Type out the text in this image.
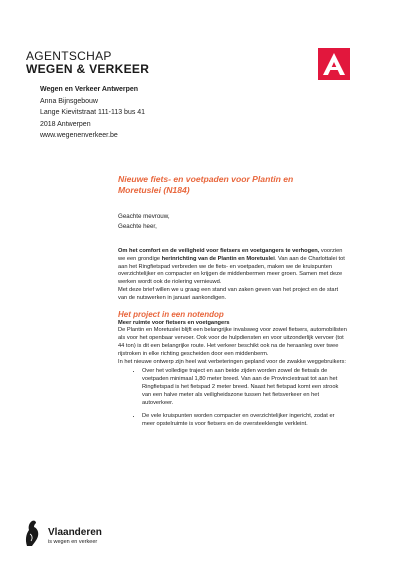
AGENTSCHAP
WEGEN & VERKEER
Wegen en Verkeer Antwerpen
Anna Bijnsgebouw
Lange Kievitstraat 111-113 bus 41
2018 Antwerpen
www.wegenenverkeer.be
Nieuwe fiets- en voetpaden voor Plantin en Moretuslei (N184)
Geachte mevrouw,
Geachte heer,

Om het comfort en de veiligheid voor fietsers en voetgangers te verhogen, voorzien we een grondige herinrichting van de Plantin en Moretuslei. Van aan de Charlottalei tot aan het Ringfietspad verbreden we de fiets- en voetpaden, maken we de kruispunten overzichtelijker en compacter en krijgen de middenbermen meer groen. Samen met deze werken wordt ook de riolering vernieuwd.

Met deze brief willen we u graag een stand van zaken geven van het project en de start van de nutswerken in januari aankondigen.

Het project in een notendop

Meer ruimte voor fietsers en voetgangers

De Plantin en Moretuslei blijft een belangrijke invalsweg voor zowel fietsers, automobilisten als voor het openbaar vervoer. Ook voor de hulpdiensten en voor uitzonderlijk vervoer (tot 44 ton) is dit een belangrijke route. Het verkeer beschikt ook na de heraanleg over twee rijstroken in elke richting gescheiden door een middenberm.

In het nieuwe ontwerp zijn heel wat verbeteringen gepland voor de zwakke weggebruikers:

• Over het volledige traject en aan beide zijden worden zowel de fietsals de voetpaden minimaal 1,80 meter breed. Van aan de Provinciestraat tot aan het Ringfietspad is het fietspad 2 meter breed. Naast het fietspad komt een strook van een halve meter als veiligheidszone tussen het fietsverkeer en het autoverkeer.
• De vele kruispunten worden compacter en overzichtelijker ingericht, zodat er meer opstelruimte is voor fietsers en de oversteeklengte verkleint.
Vlaanderen
is wegen en verkeer
